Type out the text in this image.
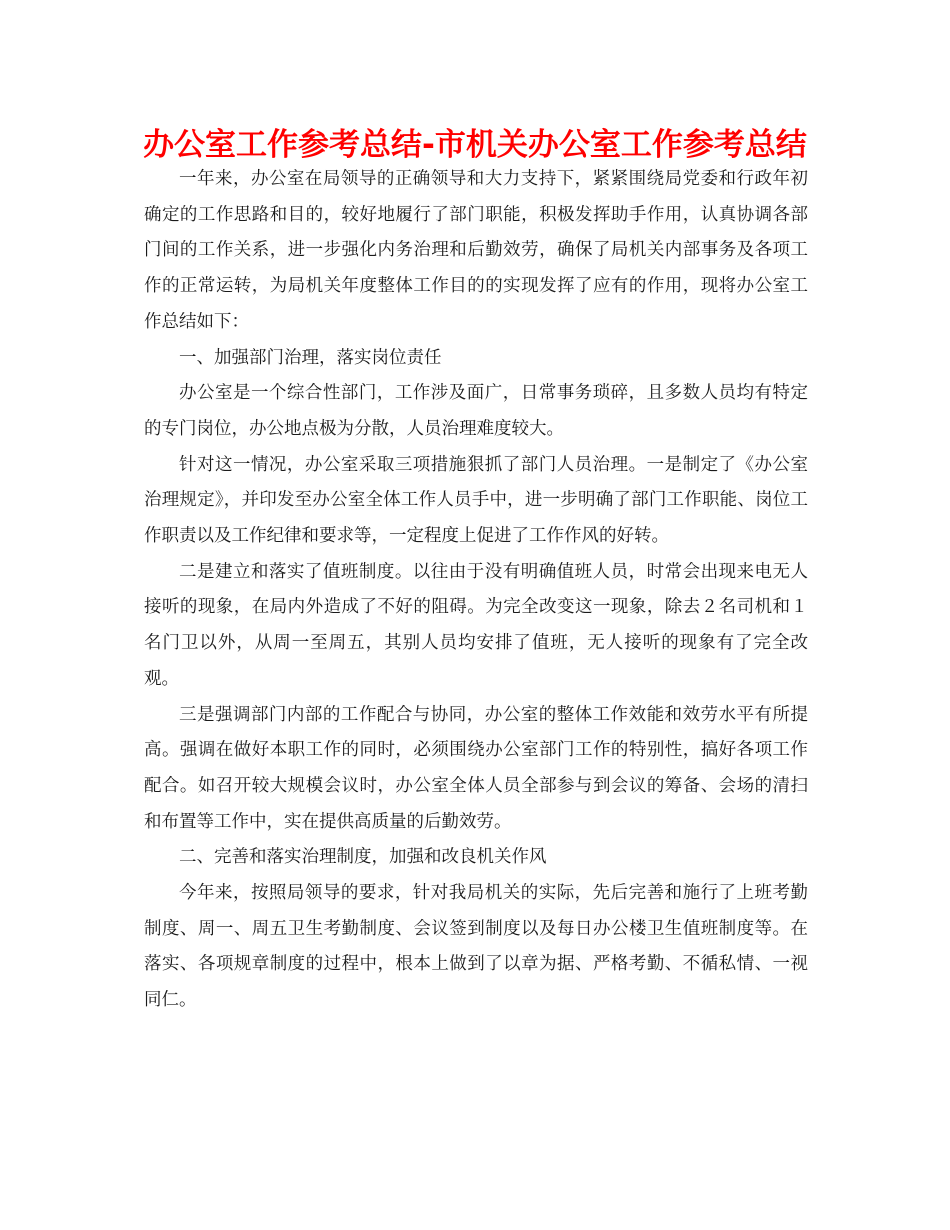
办公室工作参考总结-市机关办公室工作参考总结

一年来，办公室在局领导的正确领导和大力支持下，紧紧围绕局党委和行政年初确定的工作思路和目的，较好地履行了部门职能，积极发挥助手作用，认真协调各部门间的工作关系，进一步强化内务治理和后勤效劳，确保了局机关内部事务及各项工作的正常运转，为局机关年度整体工作目的的实现发挥了应有的作用，现将办公室工作总结如下：

一、加强部门治理，落实岗位责任

办公室是一个综合性部门，工作涉及面广，日常事务琐碎，且多数人员均有特定的专门岗位，办公地点极为分散，人员治理难度较大。

针对这一情况，办公室采取三项措施狠抓了部门人员治理。一是制定了《办公室治理规定》，并印发至办公室全体工作人员手中，进一步明确了部门工作职能、岗位工作职责以及工作纪律和要求等，一定程度上促进了工作作风的好转。

二是建立和落实了值班制度。以往由于没有明确值班人员，时常会出现来电无人接听的现象，在局内外造成了不好的阻碍。为完全改变这一现象，除去２名司机和１名门卫以外，从周一至周五，其别人员均安排了值班，无人接听的现象有了完全改观。

三是强调部门内部的工作配合与协同，办公室的整体工作效能和效劳水平有所提高。强调在做好本职工作的同时，必须围绕办公室部门工作的特别性，搞好各项工作配合。如召开较大规模会议时，办公室全体人员全部参与到会议的筹备、会场的清扫和布置等工作中，实在提供高质量的后勤效劳。

二、完善和落实治理制度，加强和改良机关作风

今年来，按照局领导的要求，针对我局机关的实际，先后完善和施行了上班考勤制度、周一、周五卫生考勤制度、会议签到制度以及每日办公楼卫生值班制度等。在落实、各项规章制度的过程中，根本上做到了以章为据、严格考勤、不循私情、一视同仁。
